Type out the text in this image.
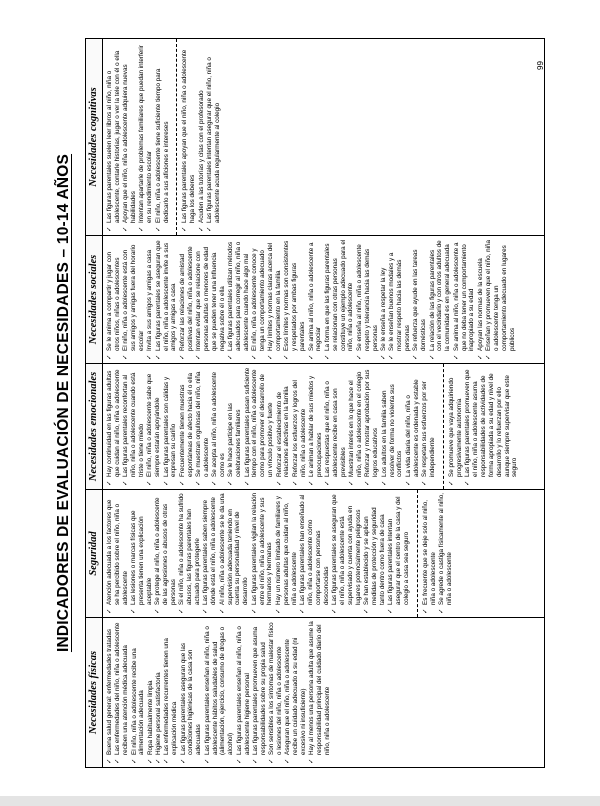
INDICADORES DE EVALUACIÓN DE NECESIDADES – 10-14 AÑOS
Necesidades físicas
✓
Buena salud general: enfermedades tratadas
✓
Las enfermedades del niño, niña o adolescente reciben una atención médica adecuada
✓
El niño, niña o adolescente recibe una alimentación adecuada
✓
Ropa habitualmente limpia
✓
Higiene personal satisfactoria
✓
Las enfermedades recurrentes tienen una explicación médica
✓
Las figuras parentales aseguran que las condiciones higiénicas de la casa son adecuadas
✓
Las figuras parentales enseñan al niño, niña o adolescente hábitos saludables de salud (alimentación, ejercicio, consumo de drogas o alcohol)
✓
Las figuras parentales enseñan al niño, niña o adolescente higiene personal
✓
Las figuras parentales promueven que asuma responsabilidades sobre su propia salud
✓
Son sensibles a los síntomas de malestar físico o lesiones del niño, niña o adolescente
✓
Aseguran que el niño, niña o adolescente recibe un cuidado adecuado a su edad (ni excesivo ni insuficiente)
✓
Hay al menos una persona adulta que asume la responsabilidad principal del cuidado diario del niño, niña o adolescente
Seguridad
✓
Atención adecuada a los factores que se ha percibido sobre el niño, niña o adolescente
✓
Las lesiones o marcas físicas que presenta tienen una explicación aceptable
✓
Se protege al niño, niña o adolescente de las agresiones o abusos de otras personas
✓
Si el niño, niña o adolescente ha sufrido abusos, las figuras parentales han actuado para protegerle
✓
Las figuras parentales saben siempre dónde está el niño, niña o adolescente
✓
Al niño, niña o adolescente se le da una supervisión adecuada teniendo en cuenta su personalidad y nivel de desarrollo
✓
Las figuras parentales vigilan la relación entre el niño, niña o adolescente y sus hermanos y hermanas
✓
Hay un número limitado de familiares y personas adultas que cuidan al niño, niña o adolescente
✓
Las figuras parentales han enseñado al niño, niña o adolescente cómo comportarse con personas desconocidas
✓
Las figuras parentales se aseguran que el niño, niña o adolescente está supervisado y cuenta con ayuda en lugares potencialmente peligrosos
✓
Se han establecido y se aplican medidas de protección y seguridad tanto dentro como fuera de casa
✓
Las figuras parentales intentan asegurar que el centro de la casa y del colegio a casa sea seguro
✓
Es frecuente que se deje solo al niño, niña o adolescente
✓
Se agrede o castiga físicamente al niño, niña o adolescente
Necesidades emocionales
✓
Hay continuidad en las figuras adultas que cuidan al niño, niña o adolescente
✓
Las figuras parentales reconfortan al niño, niña o adolescente cuando está triste o tiene miedo
✓
El niño, niña o adolescente sabe que siempre estarán apoyándole
✓
Las figuras parentales son cálidas y expresan su cariño
✓
Frecuentemente tienen muestras espontáneas de afecto hacia él o ella
✓
Se muestran orgullosas del niño, niña o adolescente
✓
Se acepta al niño, niña o adolescente como es
✓
Se le hace participe en las celebraciones familiares
✓
Las figuras parentales pasan suficiente tiempo con el niño, niña o adolescente como para promover el desarrollo de un vínculo positivo y fuerte
✓
Reforzar el establecimiento de relaciones afectivas en la familia
✓
Reforzar los esfuerzos y logros del niño, niña o adolescente
✓
Le animan a hablar de sus miedos y preocupaciones
✓
Las respuestas que el niño, niña o adolescente recibe en casa son previsibles
✓
Muestran interés en lo que hace el niño, niña o adolescente en el colegio
✓
Reforzar y mostrar aprobación por sus logros educativos
✓
Los adultos en la familia saben resolver de forma no violenta sus conflictos
✓
La vida diaria del niño, niña o adolescente es ordenada y estable
✓
Se respetan sus esfuerzos por ser independiente
✓
Se promueve que vaya adquiriendo progresivamente autonomía
✓
Las figuras parentales promueven que el niño, niña o adolescente asuma responsabilidades de actividades de forma apropiada a su edad y nivel de desarrollo y lo refuerzan por ello aunque siempre supervisar que este seguro
Necesidades sociales
✓
Se le anima a compartir y jugar con otros niños, niñas o adolescentes
✓
El niño, niña o adolescente está con sus amigos y amigas fuera del horario escolar
✓
Invita a sus amigos y amigas a casa
✓
Las figuras parentales se aseguran que el niño, niña o adolescente invite a sus amigos y amigas a casa
✓
Reforzar las relaciones de amistad positivas del niño, niña o adolescente
✓
Intentan evitar que se relacione con personas adultas o menores de edad que se pueden tener una influencia negativa sobre él o ella
✓
Las figuras parentales utilizan métodos adecuados para corregir al niño, niña o adolescente cuando hace algo mal
✓
El niño, niña o adolescente conoce y tenga un comportamiento adecuado
✓
Hay límites y normas claras acerca del comportamiento en la familia
✓
Esos límites y normas son consistentes y respetados por ambas figuras parentales
✓
Se anima al niño, niña o adolescente a negociar
✓
La forma en que las figuras parentales se relacionan con otras personas constituye un ejemplo adecuado para el niño, niña o adolescente
✓
Se enseña al niño, niña o adolescente respeto y tolerancia hacia las demás personas
✓
Se le enseña a respetar la ley
✓
Se le enseñan buenos modales y a mostrar respeto hacia las demás personas
✓
Se refuerza que ayude en las tareas domésticas
✓
La relación de las figuras parentales con el vecindario y con otros adultos de la comunidad es en general adecuada
✓
Se anima al niño, niña o adolescente a que no deba tener un comportamiento inapropiado a su edad
✓
Apoyan las normas de la escuela
✓
Enseñan y promueven que el niño, niña o adolescente tenga un comportamiento adecuado en lugares públicos
Necesidades cognitivas
✓
Las figuras parentales suelen leer libros al niño, niña o adolescente, contarle historias, jugar o ver la tele con él o ella
✓
Apoyan que el niño, niña o adolescente adquiera nuevas habilidades
✓
Intentan apartarle de problemas familiares que puedan interferir en su rendimiento escolar
✓
El niño, niña o adolescente tiene suficiente tiempo para dedicarlo a sus aficiones e intereses
✓
Las figuras parentales apoyan que el niño, niña o adolescente haga los deberes
✓
Acuden a las tutorías y citas con el profesorado
✓
Las figuras parentales intentan asegurar que el niño, niña o adolescente acuda regularmente al colegio
99
